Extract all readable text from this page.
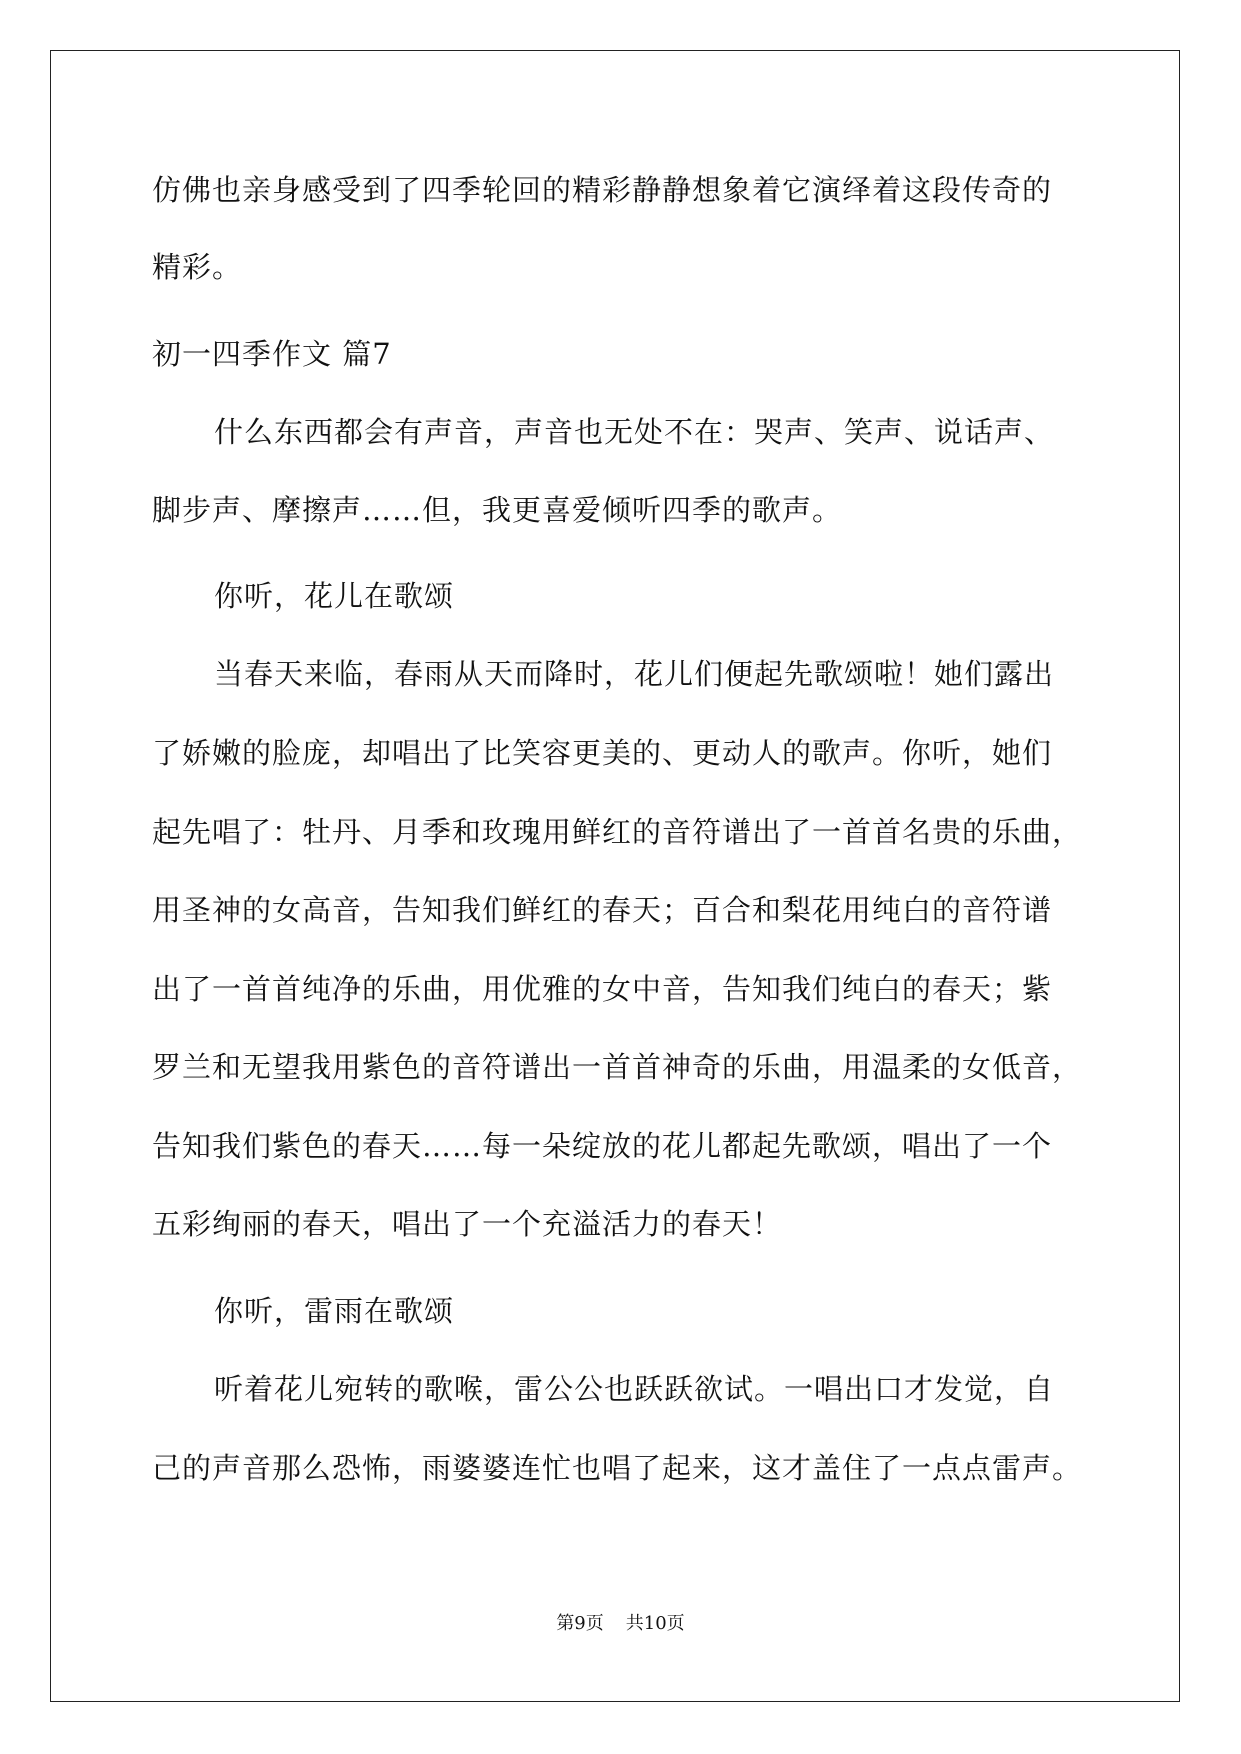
仿佛也亲身感受到了四季轮回的精彩静静想象着它演绎着这段传奇的
精彩。
初一四季作文 篇7
什么东西都会有声音，声音也无处不在：哭声、笑声、说话声、
脚步声、摩擦声……但，我更喜爱倾听四季的歌声。
你听，花儿在歌颂
当春天来临，春雨从天而降时，花儿们便起先歌颂啦！她们露出
了娇嫩的脸庞，却唱出了比笑容更美的、更动人的歌声。你听，她们
起先唱了：牡丹、月季和玫瑰用鲜红的音符谱出了一首首名贵的乐曲，
用圣神的女高音，告知我们鲜红的春天；百合和梨花用纯白的音符谱
出了一首首纯净的乐曲，用优雅的女中音，告知我们纯白的春天；紫
罗兰和无望我用紫色的音符谱出一首首神奇的乐曲，用温柔的女低音，
告知我们紫色的春天……每一朵绽放的花儿都起先歌颂，唱出了一个
五彩绚丽的春天，唱出了一个充溢活力的春天！
你听，雷雨在歌颂
听着花儿宛转的歌喉，雷公公也跃跃欲试。一唱出口才发觉，自
己的声音那么恐怖，雨婆婆连忙也唱了起来，这才盖住了一点点雷声。
第9页 共10页
